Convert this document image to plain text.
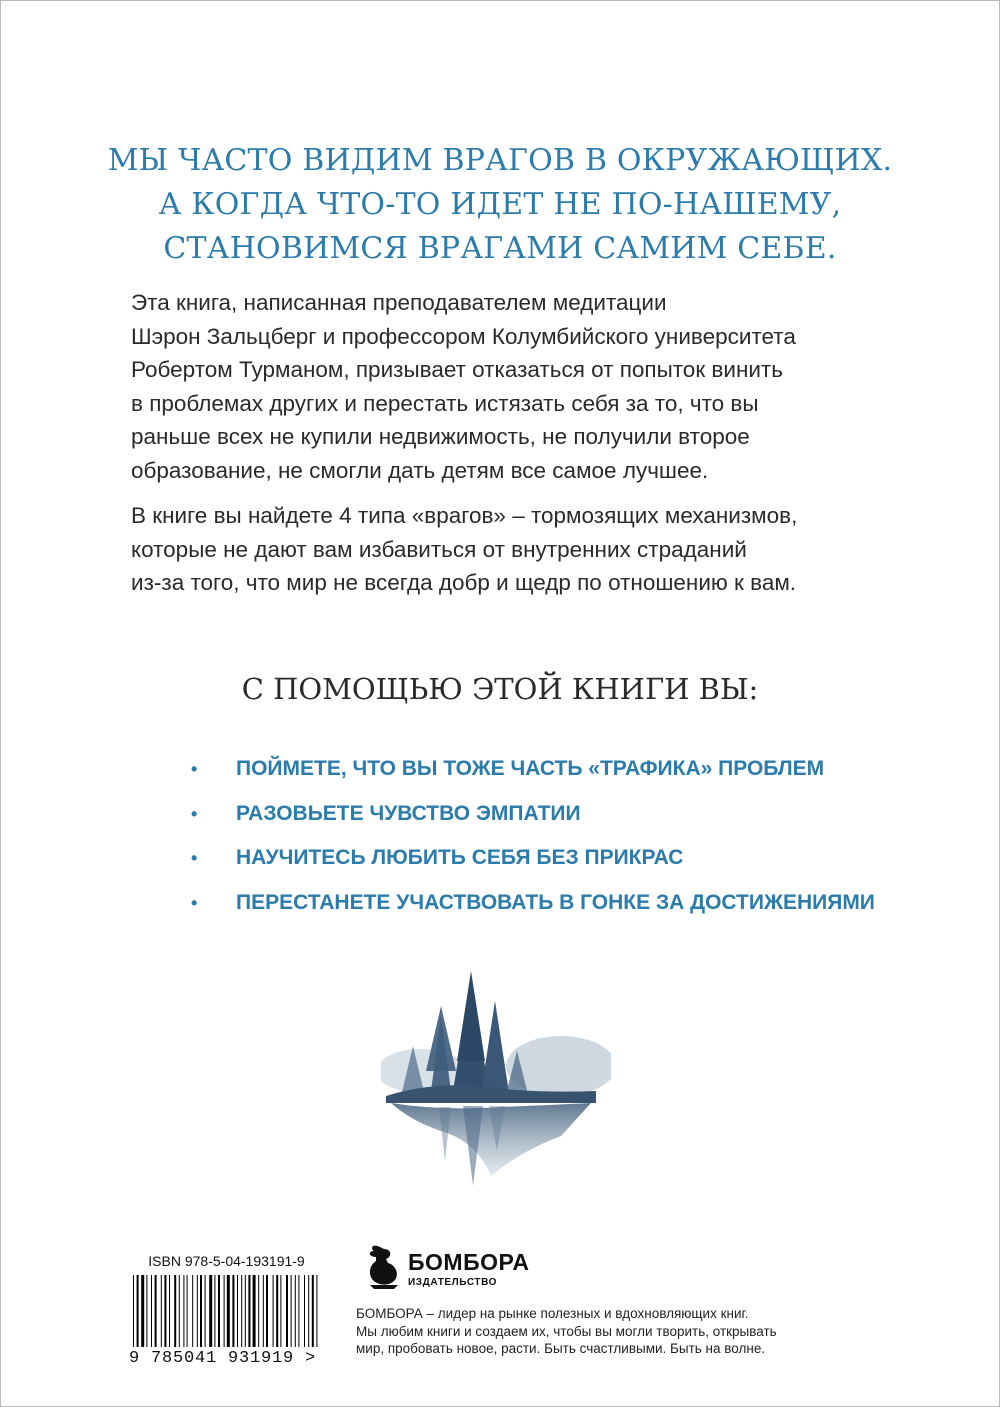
МЫ ЧАСТО ВИДИМ ВРАГОВ В ОКРУЖАЮЩИХ.
А КОГДА ЧТО-ТО ИДЕТ НЕ ПО-НАШЕМУ,
СТАНОВИМСЯ ВРАГАМИ САМИМ СЕБЕ.
Эта книга, написанная преподавателем медитации
Шэрон Зальцберг и профессором Колумбийского университета
Робертом Турманом, призывает отказаться от попыток винить
в проблемах других и перестать истязать себя за то, что вы
раньше всех не купили недвижимость, не получили второе
образование, не смогли дать детям все самое лучшее.
В книге вы найдете 4 типа «врагов» – тормозящих механизмов,
которые не дают вам избавиться от внутренних страданий
из-за того, что мир не всегда добр и щедр по отношению к вам.
С ПОМОЩЬЮ ЭТОЙ КНИГИ ВЫ:
• ПОЙМЕТЕ, ЧТО ВЫ ТОЖЕ ЧАСТЬ «ТРАФИКА» ПРОБЛЕМ
• РАЗОВЬЕТЕ ЧУВСТВО ЭМПАТИИ
• НАУЧИТЕСЬ ЛЮБИТЬ СЕБЯ БЕЗ ПРИКРАС
• ПЕРЕСТАНЕТЕ УЧАСТВОВАТЬ В ГОНКЕ ЗА ДОСТИЖЕНИЯМИ
ISBN 978-5-04-193191-9
9 785041 931919 >
БОМБОРА
ИЗДАТЕЛЬСТВО
БОМБОРА – лидер на рынке полезных и вдохновляющих книг.
Мы любим книги и создаем их, чтобы вы могли творить, открывать
мир, пробовать новое, расти. Быть счастливыми. Быть на волне.
